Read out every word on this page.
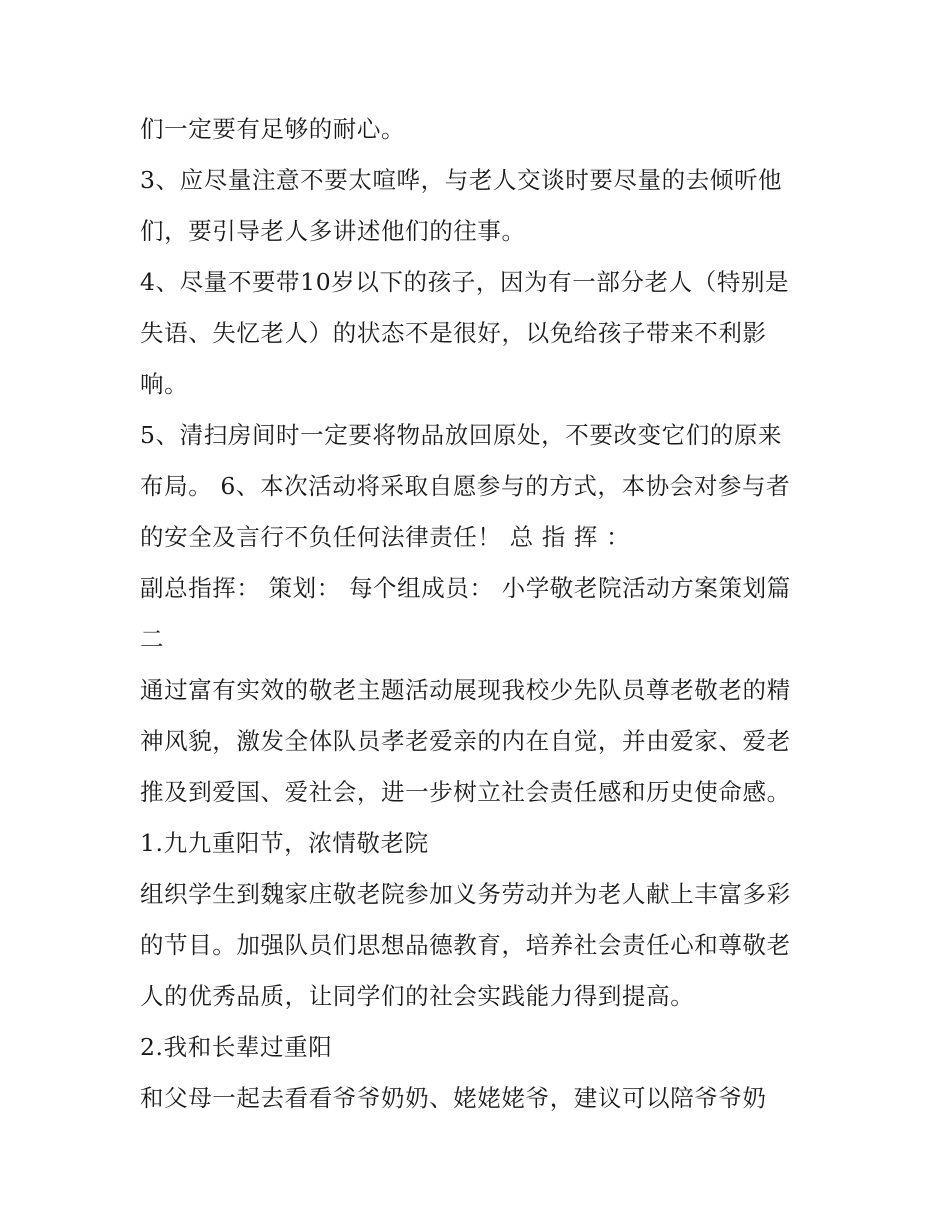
们一定要有足够的耐心。
3、应尽量注意不要太喧哗，与老人交谈时要尽量的去倾听他
们，要引导老人多讲述他们的往事。
4、尽量不要带10岁以下的孩子，因为有一部分老人（特别是
失语、失忆老人）的状态不是很好，以免给孩子带来不利影
响。
5、清扫房间时一定要将物品放回原处，不要改变它们的原来
布局。 6、本次活动将采取自愿参与的方式，本协会对参与者
的安全及言行不负任何法律责任！ 总 指 挥 ：
副总指挥： 策划： 每个组成员： 小学敬老院活动方案策划篇
二
通过富有实效的敬老主题活动展现我校少先队员尊老敬老的精
神风貌，激发全体队员孝老爱亲的内在自觉，并由爱家、爱老
推及到爱国、爱社会，进一步树立社会责任感和历史使命感。
1.九九重阳节，浓情敬老院
组织学生到魏家庄敬老院参加义务劳动并为老人献上丰富多彩
的节目。加强队员们思想品德教育，培养社会责任心和尊敬老
人的优秀品质，让同学们的社会实践能力得到提高。
2.我和长辈过重阳
和父母一起去看看爷爷奶奶、姥姥姥爷，建议可以陪爷爷奶
